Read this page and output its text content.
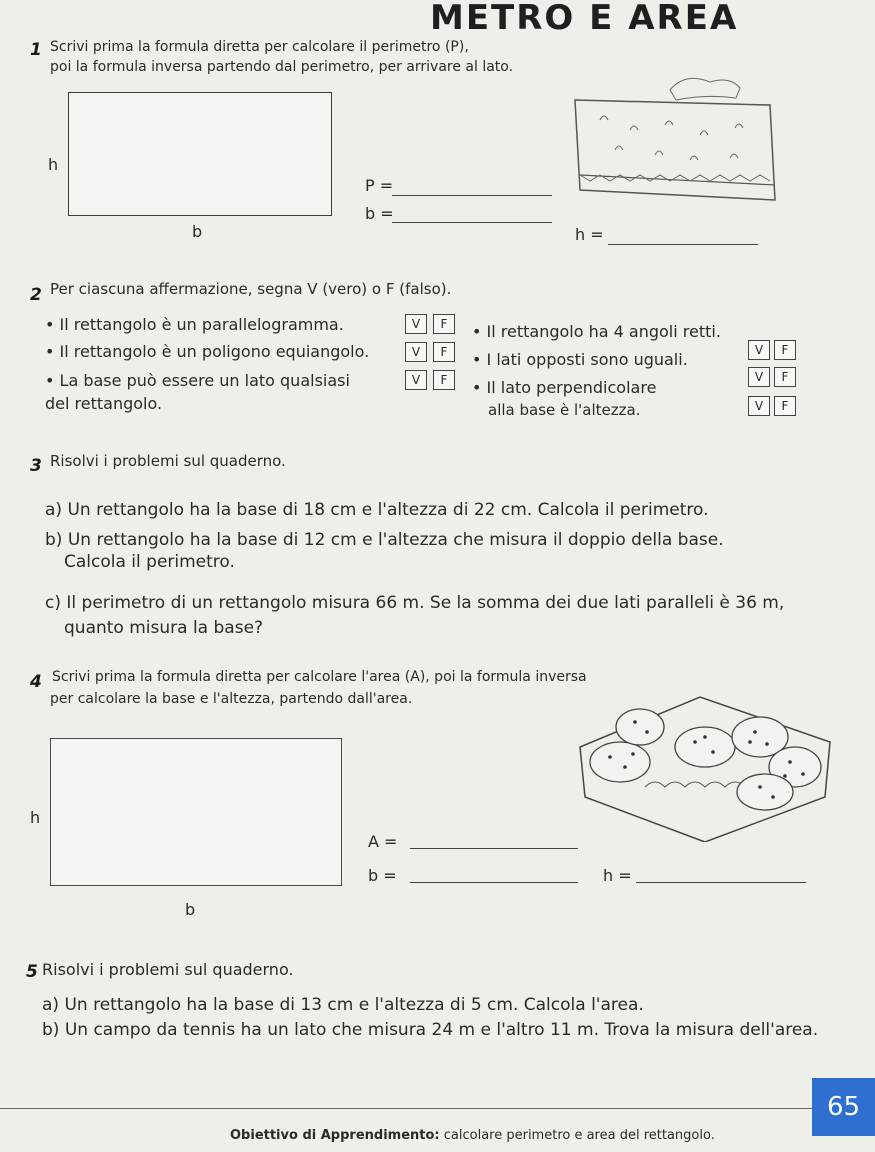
METRO E AREA
1 Scrivi prima la formula diretta per calcolare il perimetro (P),
poi la formula inversa partendo dal perimetro, per arrivare al lato.
h
b
P =
b =
h =
2 Per ciascuna affermazione, segna V (vero) o F (falso).
• Il rettangolo è un parallelogramma.	V	F
• Il rettangolo è un poligono equiangolo.	V	F
• La base può essere un lato qualsiasi
del rettangolo.
V	F
• Il rettangolo ha 4 angoli retti.
V	F
• I lati opposti sono uguali.
V	F
• Il lato perpendicolare
alla base è l'altezza.	V	F
3 Risolvi i problemi sul quaderno.
a) Un rettangolo ha la base di 18 cm e l'altezza di 22 cm. Calcola il perimetro.
b) Un rettangolo ha la base di 12 cm e l'altezza che misura il doppio della base.
Calcola il perimetro.
c) Il perimetro di un rettangolo misura 66 m. Se la somma dei due lati paralleli è 36 m,
quanto misura la base?
4 Scrivi prima la formula diretta per calcolare l'area (A), poi la formula inversa
per calcolare la base e l'altezza, partendo dall'area.
h
b
A =
b =	h =
5 Risolvi i problemi sul quaderno.
a) Un rettangolo ha la base di 13 cm e l'altezza di 5 cm. Calcola l'area.
b) Un campo da tennis ha un lato che misura 24 m e l'altro 11 m. Trova la misura dell'area.
Obiettivo di Apprendimento: calcolare perimetro e area del rettangolo.
65
